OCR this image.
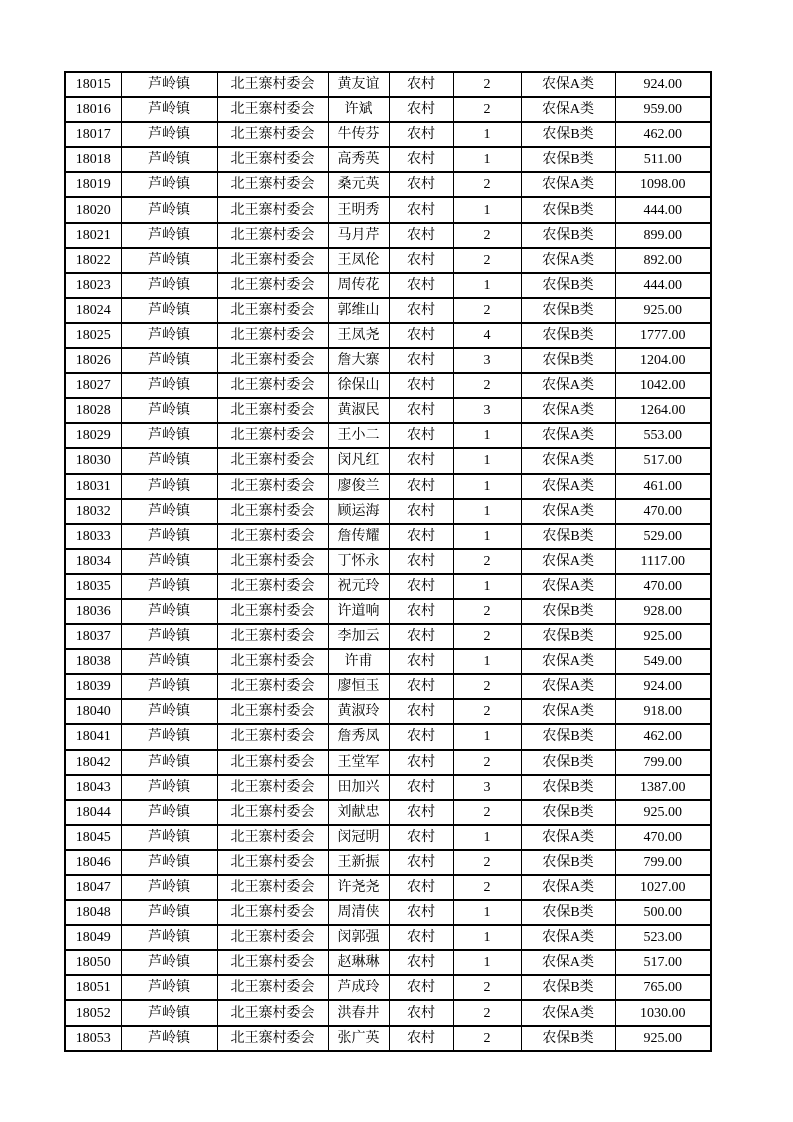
18015	芦岭镇	北王寨村委会	黄友谊	农村	2	农保A类	924.00
18016	芦岭镇	北王寨村委会	许斌	农村	2	农保A类	959.00
18017	芦岭镇	北王寨村委会	牛传芬	农村	1	农保B类	462.00
18018	芦岭镇	北王寨村委会	高秀英	农村	1	农保B类	511.00
18019	芦岭镇	北王寨村委会	桑元英	农村	2	农保A类	1098.00
18020	芦岭镇	北王寨村委会	王明秀	农村	1	农保B类	444.00
18021	芦岭镇	北王寨村委会	马月芹	农村	2	农保B类	899.00
18022	芦岭镇	北王寨村委会	王凤伦	农村	2	农保A类	892.00
18023	芦岭镇	北王寨村委会	周传花	农村	1	农保B类	444.00
18024	芦岭镇	北王寨村委会	郭维山	农村	2	农保B类	925.00
18025	芦岭镇	北王寨村委会	王凤尧	农村	4	农保B类	1777.00
18026	芦岭镇	北王寨村委会	詹大寨	农村	3	农保B类	1204.00
18027	芦岭镇	北王寨村委会	徐保山	农村	2	农保A类	1042.00
18028	芦岭镇	北王寨村委会	黄淑民	农村	3	农保A类	1264.00
18029	芦岭镇	北王寨村委会	王小二	农村	1	农保A类	553.00
18030	芦岭镇	北王寨村委会	闵凡红	农村	1	农保A类	517.00
18031	芦岭镇	北王寨村委会	廖俊兰	农村	1	农保A类	461.00
18032	芦岭镇	北王寨村委会	顾运海	农村	1	农保A类	470.00
18033	芦岭镇	北王寨村委会	詹传耀	农村	1	农保B类	529.00
18034	芦岭镇	北王寨村委会	丁怀永	农村	2	农保A类	1117.00
18035	芦岭镇	北王寨村委会	祝元玲	农村	1	农保A类	470.00
18036	芦岭镇	北王寨村委会	许道响	农村	2	农保B类	928.00
18037	芦岭镇	北王寨村委会	李加云	农村	2	农保B类	925.00
18038	芦岭镇	北王寨村委会	许甫	农村	1	农保A类	549.00
18039	芦岭镇	北王寨村委会	廖恒玉	农村	2	农保A类	924.00
18040	芦岭镇	北王寨村委会	黄淑玲	农村	2	农保A类	918.00
18041	芦岭镇	北王寨村委会	詹秀凤	农村	1	农保B类	462.00
18042	芦岭镇	北王寨村委会	王堂军	农村	2	农保B类	799.00
18043	芦岭镇	北王寨村委会	田加兴	农村	3	农保B类	1387.00
18044	芦岭镇	北王寨村委会	刘献忠	农村	2	农保B类	925.00
18045	芦岭镇	北王寨村委会	闵冠明	农村	1	农保A类	470.00
18046	芦岭镇	北王寨村委会	王新振	农村	2	农保B类	799.00
18047	芦岭镇	北王寨村委会	许尧尧	农村	2	农保A类	1027.00
18048	芦岭镇	北王寨村委会	周清侠	农村	1	农保B类	500.00
18049	芦岭镇	北王寨村委会	闵郭强	农村	1	农保A类	523.00
18050	芦岭镇	北王寨村委会	赵琳琳	农村	1	农保A类	517.00
18051	芦岭镇	北王寨村委会	芦成玲	农村	2	农保B类	765.00
18052	芦岭镇	北王寨村委会	洪春井	农村	2	农保A类	1030.00
18053	芦岭镇	北王寨村委会	张广英	农村	2	农保B类	925.00
